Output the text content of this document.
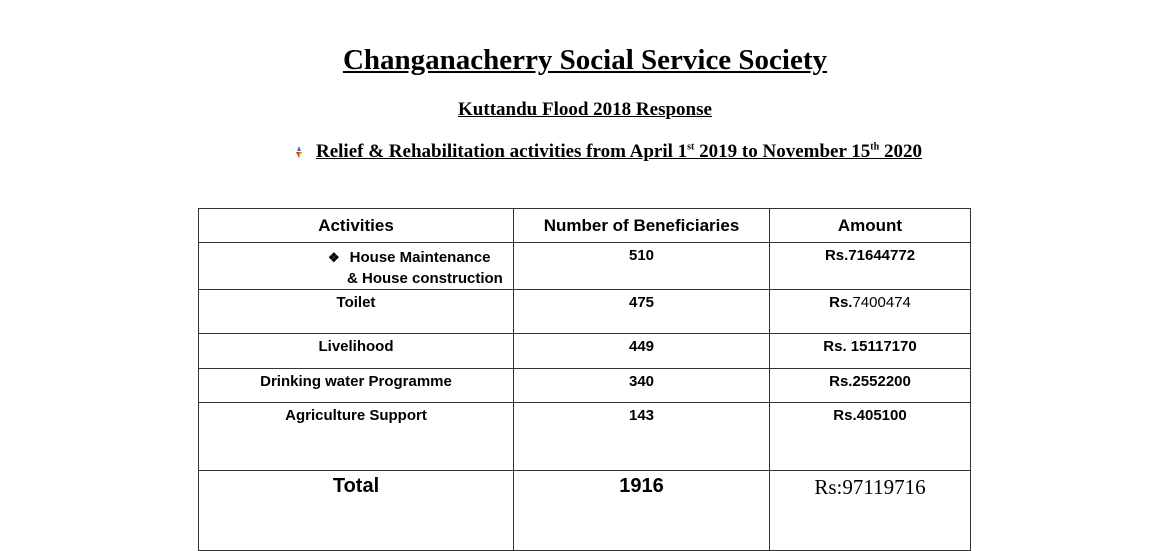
Changanacherry Social Service Society
Kuttandu Flood 2018 Response
Relief & Rehabilitation activities from April 1st 2019 to November 15th 2020
Activities	Number of Beneficiaries	Amount

❖ House Maintenance
& House construction	510	Rs.71644772
Toilet	475	Rs.7400474
Livelihood	449	Rs. 15117170
Drinking water Programme	340	Rs.2552200
Agriculture Support	143	Rs.405100
Total	1916	Rs:97119716
